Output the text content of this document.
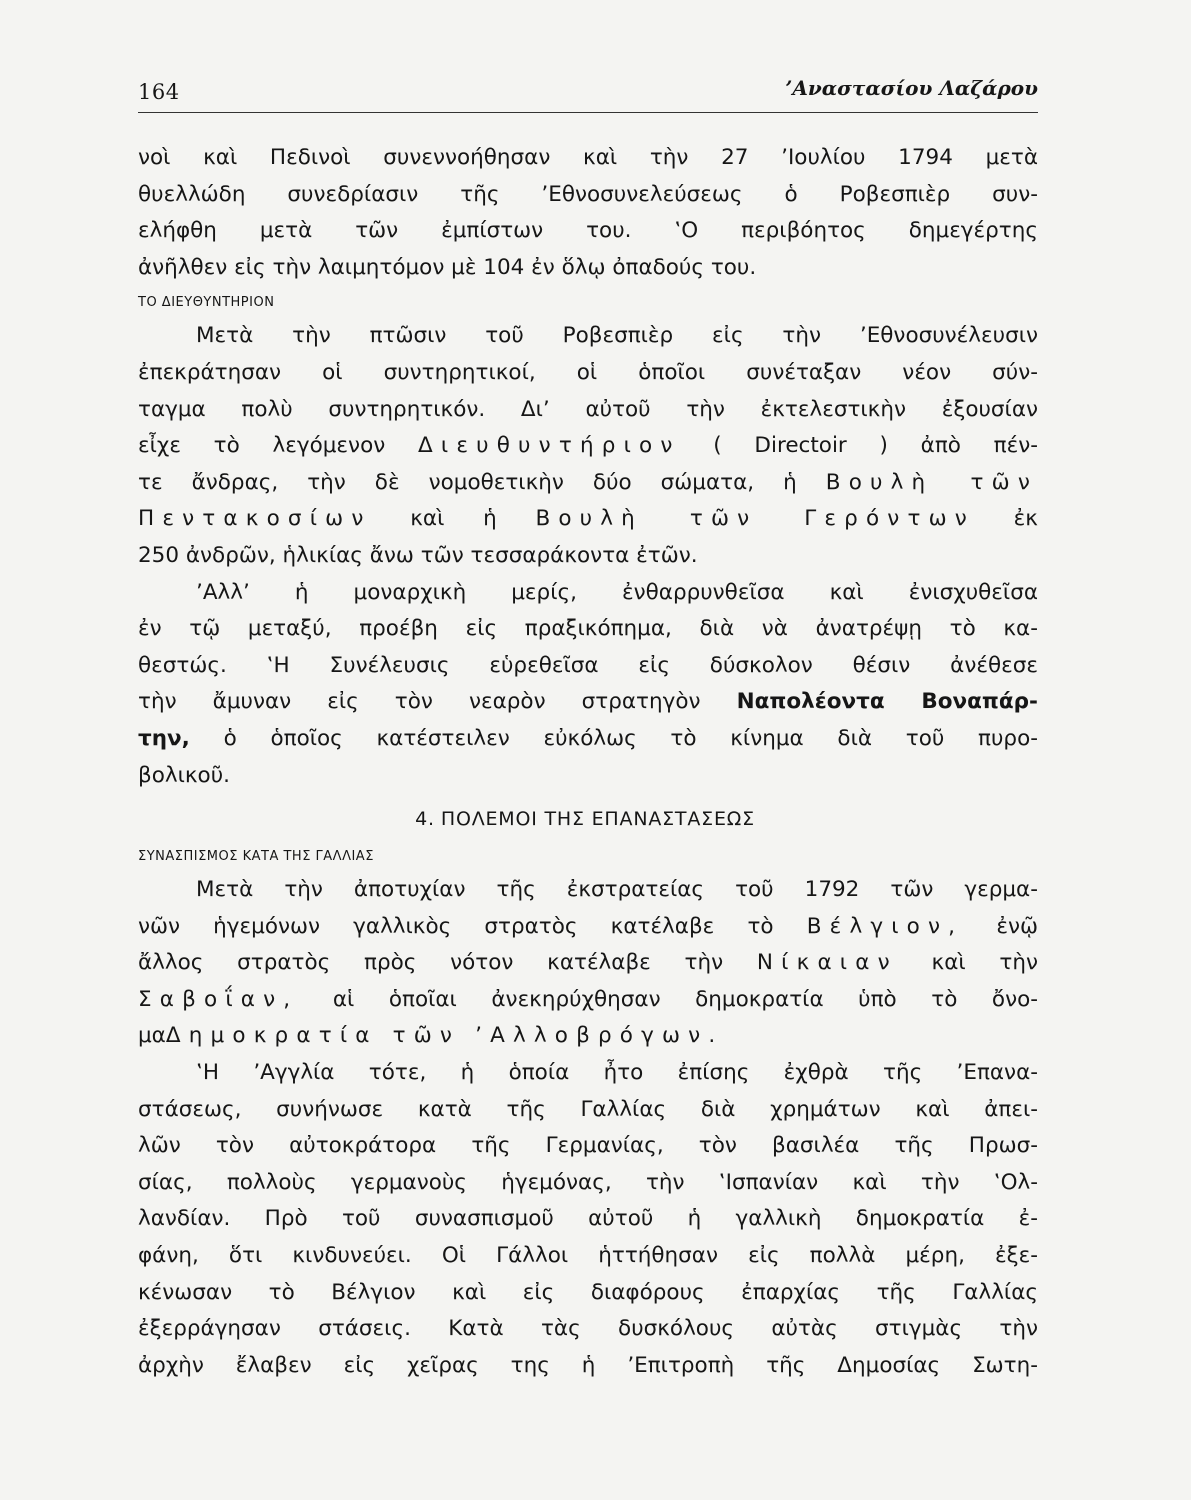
164	’Αναστασίου Λαζάρου
νοὶ καὶ Πεδινοὶ συνεννοήθησαν καὶ τὴν 27 ’Ιουλίου 1794 μετὰ
θυελλώδη συνεδρίασιν τῆς ’Εθνοσυνελεύσεως ὁ Ροβεσπιὲρ συν-
ελήφθη μετὰ τῶν ἐμπίστων του. ‛Ο περιβόητος δημεγέρτης
ἀνῆλθεν εἰς τὴν λαιμητόμον μὲ 104 ἐν ὅλῳ ὀπαδούς του.
ΤΟ ΔΙΕΥΘΥΝΤΗΡΙΟΝ
Μετὰ τὴν πτῶσιν τοῦ Ροβεσπιὲρ εἰς τὴν ’Εθνοσυνέλευσιν
ἐπεκράτησαν οἱ συντηρητικοί, οἱ ὁποῖοι συνέταξαν νέον σύν-
ταγμα πολὺ συντηρητικόν. Δι’ αὐτοῦ τὴν ἐκτελεστικὴν ἐξουσίαν
εἶχε τὸ λεγόμενον Διευθυντήριον ( Directoir ) ἀπὸ πέν-
τε ἄνδρας, τὴν δὲ νομοθετικὴν δύο σώματα, ἡ Βουλὴ τῶν
Πεντακοσίων καὶ ἡ Βουλὴ τῶν Γερόντων ἐκ
250 ἀνδρῶν, ἡλικίας ἄνω τῶν τεσσαράκοντα ἐτῶν.
’Αλλ’ ἡ μοναρχικὴ μερίς, ἐνθαρρυνθεῖσα καὶ ἐνισχυθεῖσα
ἐν τῷ μεταξύ, προέβη εἰς πραξικόπημα, διὰ νὰ ἀνατρέψῃ τὸ κα-
θεστώς. ‛Η Συνέλευσις εὑρεθεῖσα εἰς δύσκολον θέσιν ἀνέθεσε
τὴν ἄμυναν εἰς τὸν νεαρὸν στρατηγὸν Ναπολέοντα Βοναπάρ-
την, ὁ ὁποῖος κατέστειλεν εὐκόλως τὸ κίνημα διὰ τοῦ πυρο-
βολικοῦ.
4. ΠΟΛΕΜΟΙ ΤΗΣ ΕΠΑΝΑΣΤΑΣΕΩΣ
ΣΥΝΑΣΠΙΣΜΟΣ ΚΑΤΑ ΤΗΣ ΓΑΛΛΙΑΣ
Μετὰ τὴν ἀποτυχίαν τῆς ἐκστρατείας τοῦ 1792 τῶν γερμα-
νῶν ἡγεμόνων γαλλικὸς στρατὸς κατέλαβε τὸ Βέλγιον, ἐνῷ
ἄλλος στρατὸς πρὸς νότον κατέλαβε τὴν Νίκαιαν καὶ τὴν
Σαβοΐαν, αἱ ὁποῖαι ἀνεκηρύχθησαν δημοκρατία ὑπὸ τὸ ὄνο-
μαΔημοκρατία τῶν ’Αλλοβρόγων.
‛Η ’Αγγλία τότε, ἡ ὁποία ἦτο ἐπίσης ἐχθρὰ τῆς ’Επανα-
στάσεως, συνήνωσε κατὰ τῆς Γαλλίας διὰ χρημάτων καὶ ἀπει-
λῶν τὸν αὐτοκράτορα τῆς Γερμανίας, τὸν βασιλέα τῆς Πρωσ-
σίας, πολλοὺς γερμανοὺς ἡγεμόνας, τὴν ‛Ισπανίαν καὶ τὴν ‛Ολ-
λανδίαν. Πρὸ τοῦ συνασπισμοῦ αὐτοῦ ἡ γαλλικὴ δημοκρατία ἐ-
φάνη, ὅτι κινδυνεύει. Οἱ Γάλλοι ἡττήθησαν εἰς πολλὰ μέρη, ἐξε-
κένωσαν τὸ Βέλγιον καὶ εἰς διαφόρους ἐπαρχίας τῆς Γαλλίας
ἐξερράγησαν στάσεις. Κατὰ τὰς δυσκόλους αὐτὰς στιγμὰς τὴν
ἀρχὴν ἔλαβεν εἰς χεῖρας της ἡ ’Επιτροπὴ τῆς Δημοσίας Σωτη-
